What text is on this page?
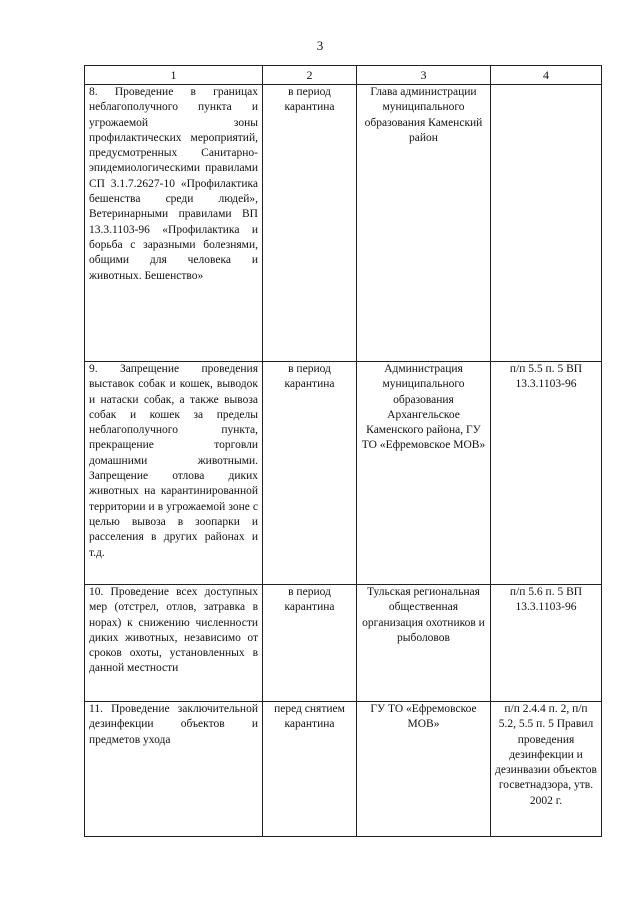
3
1	2	3	4
8. Проведение в границах неблагополучного пункта и угрожаемой зоны профилактических мероприятий, предусмотренных Санитарно-эпидемиологическими правилами СП 3.1.7.2627-10 «Профилактика бешенства среди людей», Ветеринарными правилами ВП 13.3.1103-96 «Профилактика и борьба с заразными болезнями, общими для человека и животных. Бешенство»	в период карантина	Глава администрации муниципального образования Каменский район	
9. Запрещение проведения выставок собак и кошек, выводок и натаски собак, а также вывоза собак и кошек за пределы неблагополучного пункта, прекращение торговли домашними животными. Запрещение отлова диких животных на карантинированной территории и в угрожаемой зоне с целью вывоза в зоопарки и расселения в других районах и т.д.	в период карантина	Администрация муниципального образования Архангельское Каменского района, ГУ ТО «Ефремовское МОВ»	п/п 5.5 п. 5 ВП 13.3.1103-96
10. Проведение всех доступных мер (отстрел, отлов, затравка в норах) к снижению численности диких животных, независимо от сроков охоты, установленных в данной местности	в период карантина	Тульская региональная общественная организация охотников и рыболовов	п/п 5.6 п. 5 ВП 13.3.1103-96
11. Проведение заключительной дезинфекции объектов и предметов ухода	перед снятием карантина	ГУ ТО «Ефремовское МОВ»	п/п 2.4.4 п. 2, п/п 5.2, 5.5 п. 5 Правил проведения дезинфекции и дезинвазии объектов госветнадзора, утв. 2002 г.
